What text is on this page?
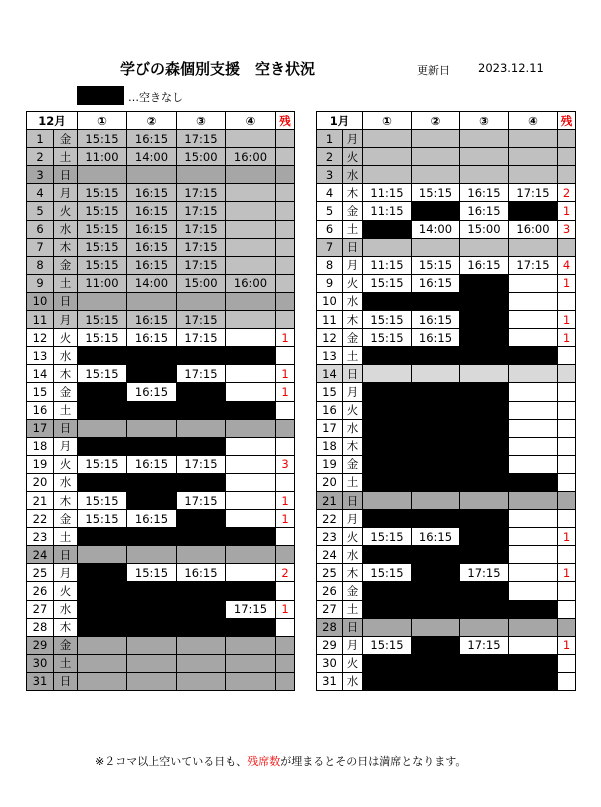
学びの森個別支援　空き状況	更新日 2023.12.11
…空きなし
12月		①	②	③	④	残
1	金	15:15	16:15	17:15		
2	土	11:00	14:00	15:00	16:00	
3	日					
4	月	15:15	16:15	17:15		
5	火	15:15	16:15	17:15		
6	水	15:15	16:15	17:15		
7	木	15:15	16:15	17:15		
8	金	15:15	16:15	17:15		
9	土	11:00	14:00	15:00	16:00	
10	日					
11	月	15:15	16:15	17:15		
12	火	15:15	16:15	17:15		1
13	水					
14	木	15:15		17:15		1
15	金		16:15			1
16	土					
17	日					
18	月					
19	火	15:15	16:15	17:15		3
20	水					
21	木	15:15		17:15		1
22	金	15:15	16:15			1
23	土					
24	日					
25	月		15:15	16:15		2
26	火					
27	水				17:15	1
28	木					
29	金					
30	土					
31	日					
1月		①	②	③	④	残
1	月					
2	火					
3	水					
4	木	11:15	15:15	16:15	17:15	2
5	金	11:15		16:15		1
6	土		14:00	15:00	16:00	3
7	日					
8	月	11:15	15:15	16:15	17:15	4
9	火	15:15	16:15			1
10	水					
11	木	15:15	16:15			1
12	金	15:15	16:15			1
13	土					
14	日					
15	月					
16	火					
17	水					
18	木					
19	金					
20	土					
21	日					
22	月					
23	火	15:15	16:15			1
24	水					
25	木	15:15		17:15		1
26	金					
27	土					
28	日					
29	月	15:15		17:15		1
30	火					
31	水					
※２コマ以上空いている日も、残席数が埋まるとその日は満席となります。
